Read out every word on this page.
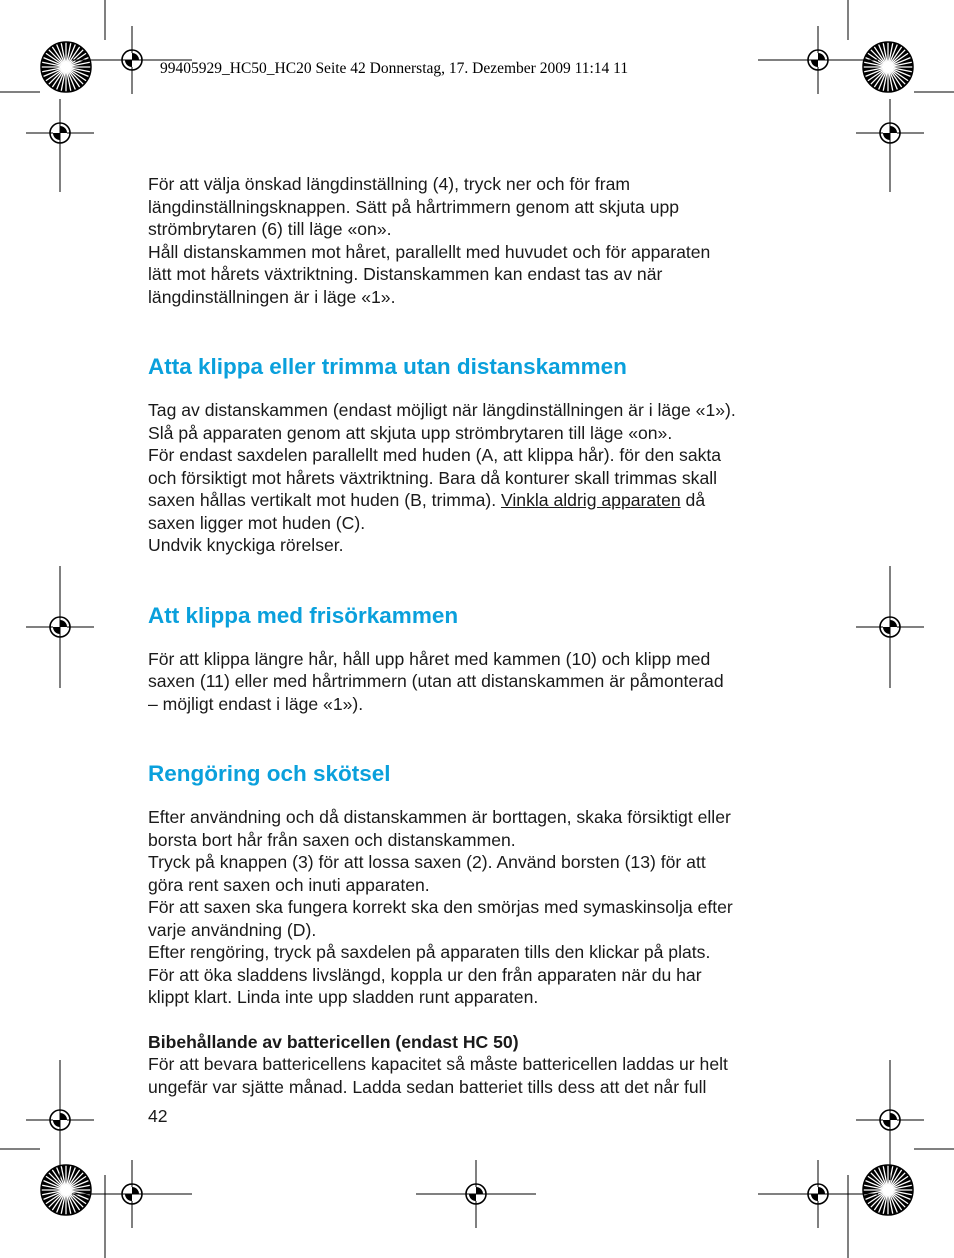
99405929_HC50_HC20 Seite 42 Donnerstag, 17. Dezember 2009 11:14 11

För att välja önskad längdinställning (4), tryck ner och för fram

längdinställningsknappen. Sätt på hårtrimmern genom att skjuta upp

strömbrytaren (6) till läge «on».

Håll distanskammen mot håret, parallellt med huvudet och för apparaten

lätt mot hårets växtriktning. Distanskammen kan endast tas av när

längdinställningen är i läge «1».

Atta klippa eller trimma utan distanskammen

Tag av distanskammen (endast möjligt när längdinställningen är i läge «1»).

Slå på apparaten genom att skjuta upp strömbrytaren till läge «on».

För endast saxdelen parallellt med huden (A, att klippa hår). för den sakta

och försiktigt mot hårets växtriktning. Bara då konturer skall trimmas skall

saxen hållas vertikalt mot huden (B, trimma). Vinkla aldrig apparaten då

saxen ligger mot huden (C).

Undvik knyckiga rörelser.

Att klippa med frisörkammen

För att klippa längre hår, håll upp håret med kammen (10) och klipp med

saxen (11) eller med hårtrimmern (utan att distanskammen är påmonterad

– möjligt endast i läge «1»).

Rengöring och skötsel

Efter användning och då distanskammen är borttagen, skaka försiktigt eller

borsta bort hår från saxen och distanskammen.

Tryck på knappen (3) för att lossa saxen (2). Använd borsten (13) för att

göra rent saxen och inuti apparaten.

För att saxen ska fungera korrekt ska den smörjas med symaskinsolja efter

varje användning (D).

Efter rengöring, tryck på saxdelen på apparaten tills den klickar på plats.

För att öka sladdens livslängd, koppla ur den från apparaten när du har

klippt klart. Linda inte upp sladden runt apparaten.

Bibehållande av battericellen (endast HC 50)

För att bevara battericellens kapacitet så måste battericellen laddas ur helt

ungefär var sjätte månad. Ladda sedan batteriet tills dess att det når full

42
